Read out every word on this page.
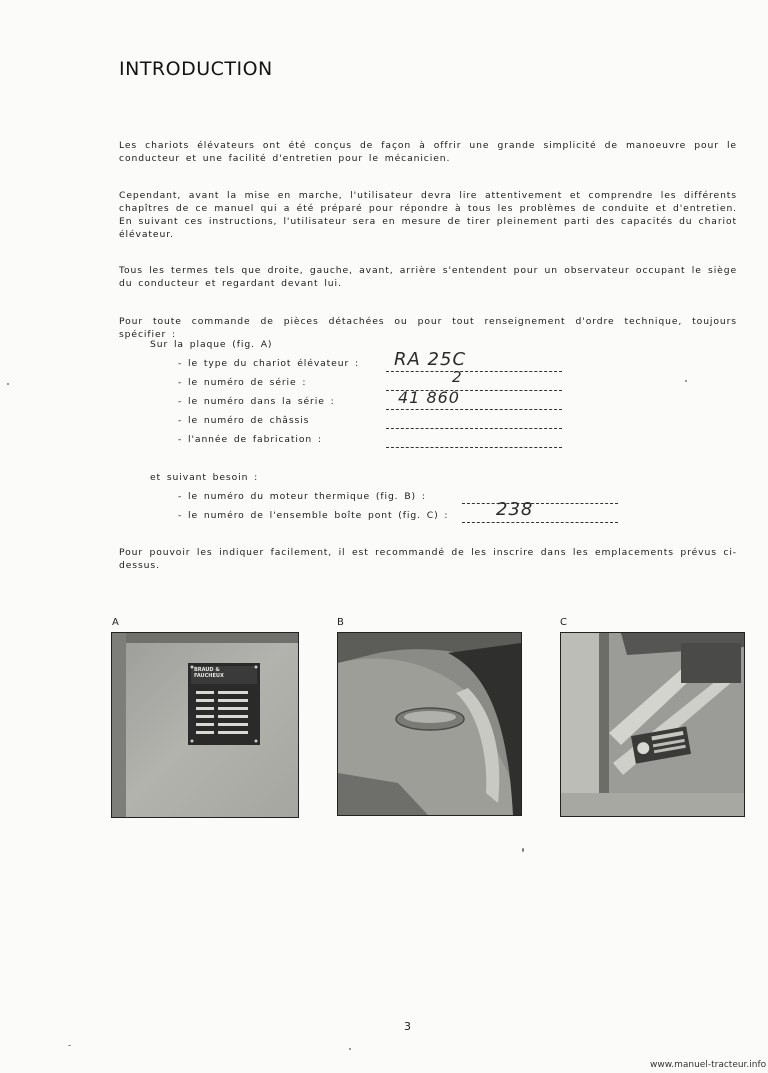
INTRODUCTION

Les chariots élévateurs ont été conçus de façon à offrir une grande simplicité de manoeuvre pour le conducteur et une facilité d'entretien pour le mécanicien.

Cependant, avant la mise en marche, l'utilisateur devra lire attentivement et comprendre les différents chapîtres de ce manuel qui a été préparé pour répondre à tous les problèmes de conduite et d'entretien. En suivant ces instructions, l'utilisateur sera en mesure de tirer pleinement parti des capacités du chariot élévateur.

Tous les termes tels que droite, gauche, avant, arrière s'entendent pour un observateur occupant le siège du conducteur et regardant devant lui.

Pour toute commande de pièces détachées ou pour tout renseignement d'ordre technique, toujours spécifier :

Sur la plaque (fig. A)

- le type du chariot élévateur : RA 25C

- le numéro de série :	2

- le numéro dans la série :	41 860

- le numéro de châssis

- l'année de fabrication :

et suivant besoin :

- le numéro du moteur thermique (fig. B) :

- le numéro de l'ensemble boîte pont (fig. C) :	238

Pour pouvoir les indiquer facilement, il est recommandé de les inscrire dans les emplacements prévus ci-dessus.

A	B	C
BRAUD &
FAUCHEUX
3
www.manuel-tracteur.info
